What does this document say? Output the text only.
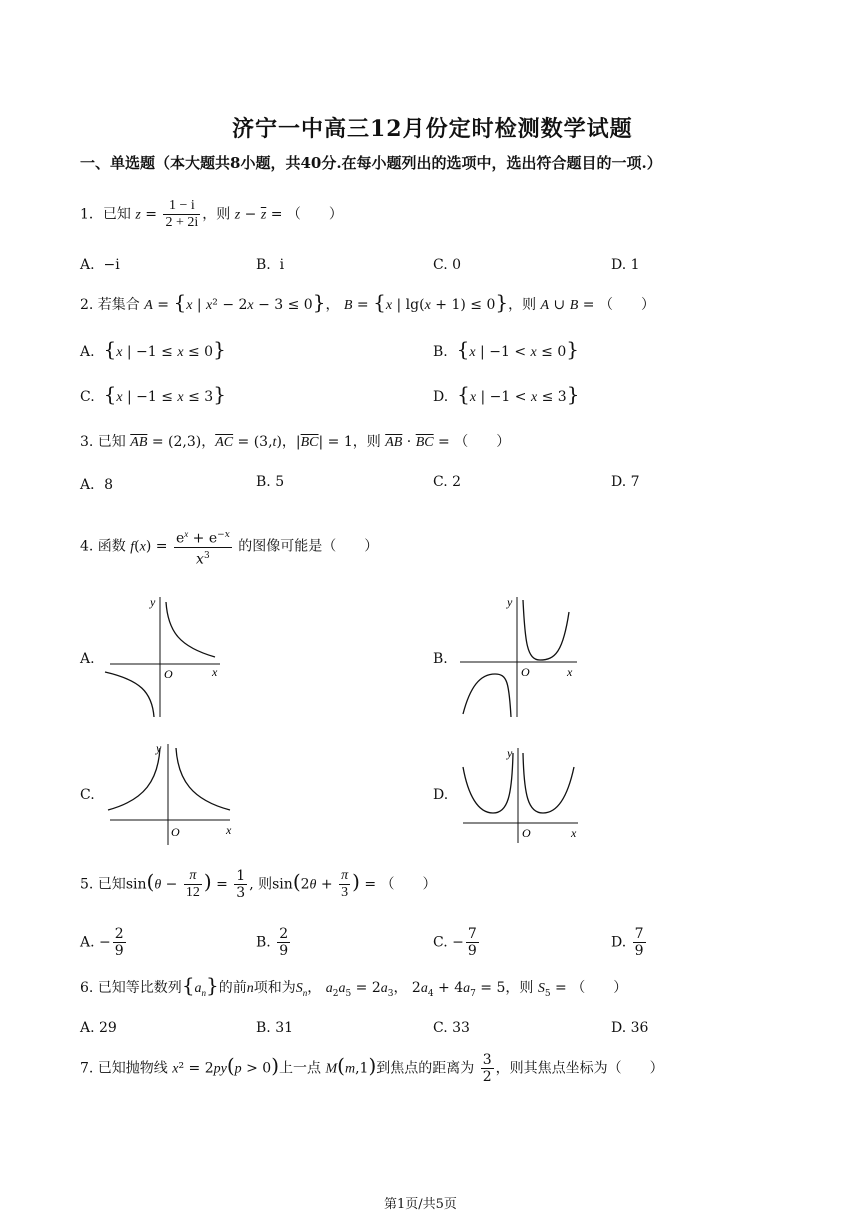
济宁一中高三12月份定时检测数学试题
一、单选题（本大题共8小题，共40分.在每小题列出的选项中，选出符合题目的一项.）
1．已知 $z = \frac{1 - i}{2 + 2i}$ ，则 $z - \overline{z}$ = （　　）
A. −i	B. i	C. 0	D. 1
2. 若集合 A = {x | x² − 2x − 3 ≤ 0}， B = {x | lg(x + 1) ≤ 0}，则 A ∪ B = （　　）
A. {x | −1 ≤ x ≤ 0}	B. {x | −1 < x ≤ 0}
C. {x | −1 ≤ x ≤ 3}	D. {x | −1 < x ≤ 3}
3. 已知 $\overline{AB} = (2,3)$，$\overline{AC} = (3,t)$，$|\overline{BC}| = 1$，则 $\overline{AB} \cdot \overline{BC}$ = （　　）
A．8	B. 5	C. 2	D. 7
4. 函数 $f(x) = \frac{e^x + e^{-x}}{x^3}$ 的图像可能是（　　）
A.
y
x
O
B.
y
x
O
C.
y
x
O
D.
y
x
O
5. 已知$\sin(\theta - \frac{\pi}{12}$ ) = $\frac{1}{3}$ , 则$\sin(2\theta + \frac{\pi}{3}$ ) = （　　）
A. − $\frac{2}{9}$	B. $\frac{2}{9}$	C. − $\frac{7}{9}$	D. $\frac{7}{9}$
6. 已知等比数列$\{a_n\}$的前n项和为$S_n$， $a_2a_5 = 2a_3$， $2a_4 + 4a_7 = 5$，则 $S_5$ = （　　）
A. 29	B. 31	C. 33	D. 36
7. 已知抛物线 x² = 2py(p > 0)上一点 M(m,1)到焦点的距离为 $\frac{3}{2}$ ，则其焦点坐标为（　　）
第1页/共5页
